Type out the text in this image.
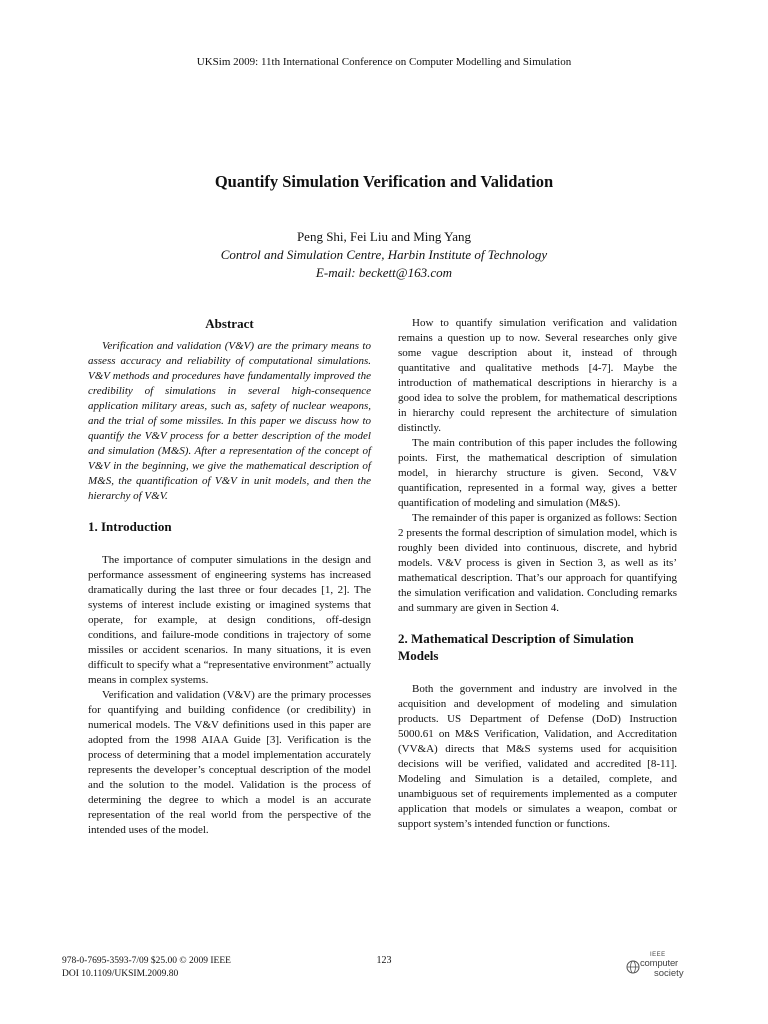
UKSim 2009: 11th International Conference on Computer Modelling and Simulation
Quantify Simulation Verification and Validation
Peng Shi, Fei Liu and Ming Yang
Control and Simulation Centre, Harbin Institute of Technology
E-mail: beckett@163.com
Abstract

Verification and validation (V&V) are the primary means to assess accuracy and reliability of computational simulations. V&V methods and procedures have fundamentally improved the credibility of simulations in several high-consequence application military areas, such as, safety of nuclear weapons, and the trial of some missiles. In this paper we discuss how to quantify the V&V process for a better description of the model and simulation (M&S). After a representation of the concept of V&V in the beginning, we give the mathematical description of M&S, the quantification of V&V in unit models, and then the hierarchy of V&V.

1. Introduction

The importance of computer simulations in the design and performance assessment of engineering systems has increased dramatically during the last three or four decades [1, 2]. The systems of interest include existing or imagined systems that operate, for example, at design conditions, off-design conditions, and failure-mode conditions in trajectory of some missiles or accident scenarios. In many situations, it is even difficult to specify what a “representative environment” actually means in complex systems.

Verification and validation (V&V) are the primary processes for quantifying and building confidence (or credibility) in numerical models. The V&V definitions used in this paper are adopted from the 1998 AIAA Guide [3]. Verification is the process of determining that a model implementation accurately represents the developer’s conceptual description of the model and the solution to the model. Validation is the process of determining the degree to which a model is an accurate representation of the real world from the perspective of the intended uses of the model.

How to quantify simulation verification and validation remains a question up to now. Several researches only give some vague description about it, instead of through quantitative and qualitative methods [4-7]. Maybe the introduction of mathematical descriptions in hierarchy is a good idea to solve the problem, for mathematical descriptions in hierarchy could represent the architecture of simulation distinctly.

The main contribution of this paper includes the following points. First, the mathematical description of simulation model, in hierarchy structure is given. Second, V&V quantification, represented in a formal way, gives a better quantification of modeling and simulation (M&S).

The remainder of this paper is organized as follows: Section 2 presents the formal description of simulation model, which is roughly been divided into continuous, discrete, and hybrid models. V&V process is given in Section 3, as well as its’ mathematical description. That’s our approach for quantifying the simulation verification and validation. Concluding remarks and summary are given in Section 4.

2. Mathematical Description of Simulation Models

Both the government and industry are involved in the acquisition and development of modeling and simulation products. US Department of Defense (DoD) Instruction 5000.61 on M&S Verification, Validation, and Accreditation (VV&A) directs that M&S systems used for acquisition decisions will be verified, validated and accredited [8-11]. Modeling and Simulation is a detailed, complete, and unambiguous set of requirements implemented as a computer application that models or simulates a weapon, combat or support system’s intended function or functions.

978-0-7695-3593-7/09 $25.00 © 2009 IEEE
DOI 10.1109/UKSIM.2009.80
123	IEEE
computer
society
